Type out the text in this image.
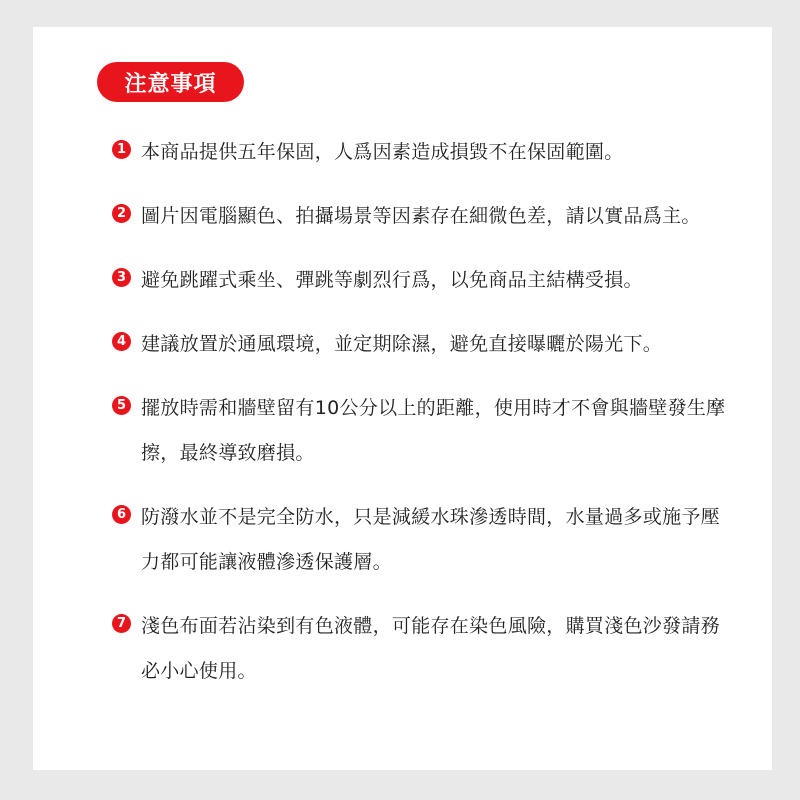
注意事項
1 本商品提供五年保固，人爲因素造成損毀不在保固範圍。
2 圖片因電腦顯色、拍攝場景等因素存在細微色差，請以實品爲主。
3 避免跳躍式乘坐、彈跳等劇烈行爲，以免商品主結構受損。
4 建議放置於通風環境，並定期除濕，避免直接曝曬於陽光下。
5 擺放時需和牆壁留有10公分以上的距離，使用時才不會與牆壁發生摩擦，最終導致磨損。
6 防潑水並不是完全防水，只是減緩水珠滲透時間，水量過多或施予壓力都可能讓液體滲透保護層。
7 淺色布面若沾染到有色液體，可能存在染色風險，購買淺色沙發請務必小心使用。
